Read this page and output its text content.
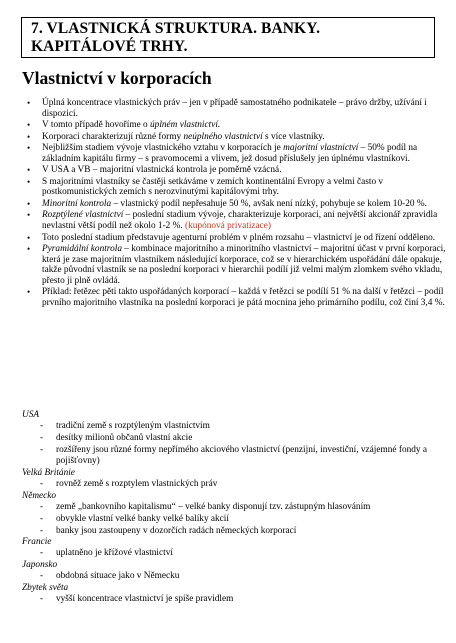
7. VLASTNICKÁ STRUKTURA. BANKY. KAPITÁLOVÉ TRHY.
Vlastnictví v korporacích
• Úplná koncentrace vlastnických práv – jen v případě samostatného podnikatele – právo držby, užívání i dispozicí.
• V tomto případě hovoříme o úplném vlastnictví.
• Korporaci charakterizují různé formy neúplného vlastnictví s více vlastníky.
• Nejbližším stadiem vývoje vlastnického vztahu v korporacích je majoritní vlastnictví – 50% podíl na základním kapitálu firmy – s pravomocemi a vlivem, jež dosud příslušely jen úplnému vlastníkovi.
• V USA a VB – majoritní vlastnická kontrola je poměrně vzácná.
• S majoritními vlastníky se častěji setkáváme v zemích kontinentální Evropy a velmi často v postkomunistických zemích s nerozvinutými kapitálovými trhy.
• Minoritní kontrola – vlastnický podíl nepřesahuje 50 %, avšak není nízký, pohybuje se kolem 10-20 %.
• Rozptýlené vlastnictví – poslední stadium vývoje, charakterizuje korporaci, ani největší akcionář zpravidla nevlastní větší podíl než okolo 1-2 %. (kupónová privatizace)
• Toto poslední stadium představuje agenturní problém v plném rozsahu – vlastnictví je od řízení odděleno.
• Pyramidální kontrola – kombinace majoritního a minoritního vlastnictví – majoritní účast v první korporaci, která je zase majoritním vlastníkem následující korporace, což se v hierarchickém uspořádání dále opakuje, takže původní vlastník se na poslední korporaci v hierarchii podílí již velmi malým zlomkem svého vkladu, přesto ji plně ovládá.
• Příklad: řetězec pěti takto uspořádaných korporací – každá v řetězci se podílí 51 % na další v řetězci – podíl prvního majoritního vlastníka na poslední korporaci je pátá mocnina jeho primárního podílu, což činí 3,4 %.
USA
- tradiční země s rozptýleným vlastnictvím
- desítky milionů občanů vlastní akcie
- rozšířeny jsou různé formy nepřímého akciového vlastnictví (penzijní, investiční, vzájemné fondy a pojišťovny)
Velká Británie
- rovněž země s rozptylem vlastnických práv
Německo
- země „bankovního kapitalismu“ – velké banky disponují tzv. zástupným hlasováním
- obvykle vlastní velké banky velké balíky akcií
- banky jsou zastoupeny v dozorčích radách německých korporací
Francie
- uplatněno je křížové vlastnictví
Japonsko
- obdobná situace jako v Německu
Zbytek světa
- vyšší koncentrace vlastnictví je spíše pravidlem
